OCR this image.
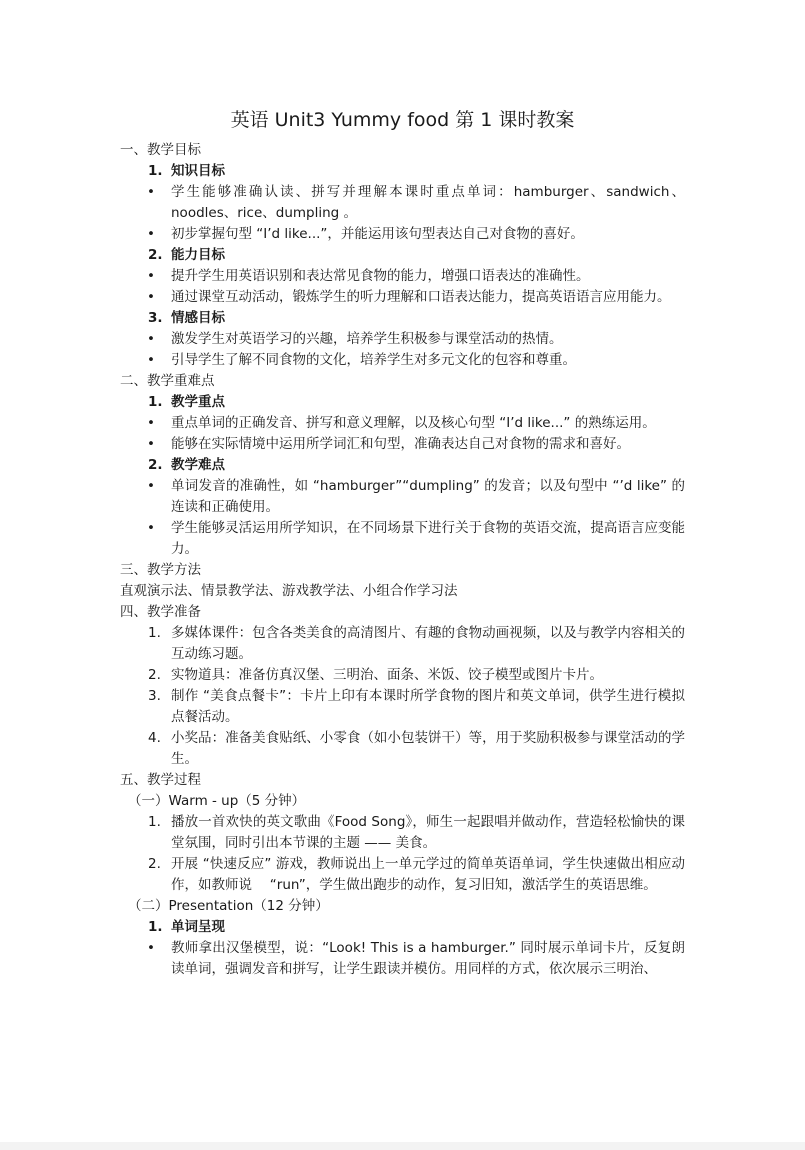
英语 Unit3 Yummy food 第 1 课时教案

一、教学目标

1. 知识目标

• 学生能够准确认读、拼写并理解本课时重点单词：hamburger、sandwich、noodles、rice、dumpling 。

• 初步掌握句型 “I’d like...”，并能运用该句型表达自己对食物的喜好。

2. 能力目标

• 提升学生用英语识别和表达常见食物的能力，增强口语表达的准确性。

• 通过课堂互动活动，锻炼学生的听力理解和口语表达能力，提高英语语言应用能力。

3. 情感目标

• 激发学生对英语学习的兴趣，培养学生积极参与课堂活动的热情。

• 引导学生了解不同食物的文化，培养学生对多元文化的包容和尊重。

二、教学重难点

1. 教学重点

• 重点单词的正确发音、拼写和意义理解，以及核心句型 “I’d like...” 的熟练运用。

• 能够在实际情境中运用所学词汇和句型，准确表达自己对食物的需求和喜好。

2. 教学难点

• 单词发音的准确性，如 “hamburger”“dumpling” 的发音；以及句型中 “’d like” 的连读和正确使用。

• 学生能够灵活运用所学知识，在不同场景下进行关于食物的英语交流，提高语言应变能力。

三、教学方法

直观演示法、情景教学法、游戏教学法、小组合作学习法

四、教学准备

1. 多媒体课件：包含各类美食的高清图片、有趣的食物动画视频，以及与教学内容相关的互动练习题。

2. 实物道具：准备仿真汉堡、三明治、面条、米饭、饺子模型或图片卡片。

3. 制作 “美食点餐卡”：卡片上印有本课时所学食物的图片和英文单词，供学生进行模拟点餐活动。

4. 小奖品：准备美食贴纸、小零食（如小包装饼干）等，用于奖励积极参与课堂活动的学生。

五、教学过程

（一）Warm - up（5 分钟）

1. 播放一首欢快的英文歌曲《Food Song》，师生一起跟唱并做动作，营造轻松愉快的课堂氛围，同时引出本节课的主题 —— 美食。

2. 开展 “快速反应” 游戏，教师说出上一单元学过的简单英语单词，学生快速做出相应动作，如教师说　 “run”，学生做出跑步的动作，复习旧知，激活学生的英语思维。

（二）Presentation（12 分钟）

1. 单词呈现

• 教师拿出汉堡模型，说：“Look! This is a hamburger.” 同时展示单词卡片，反复朗读单词，强调发音和拼写，让学生跟读并模仿。用同样的方式，依次展示三明治、
